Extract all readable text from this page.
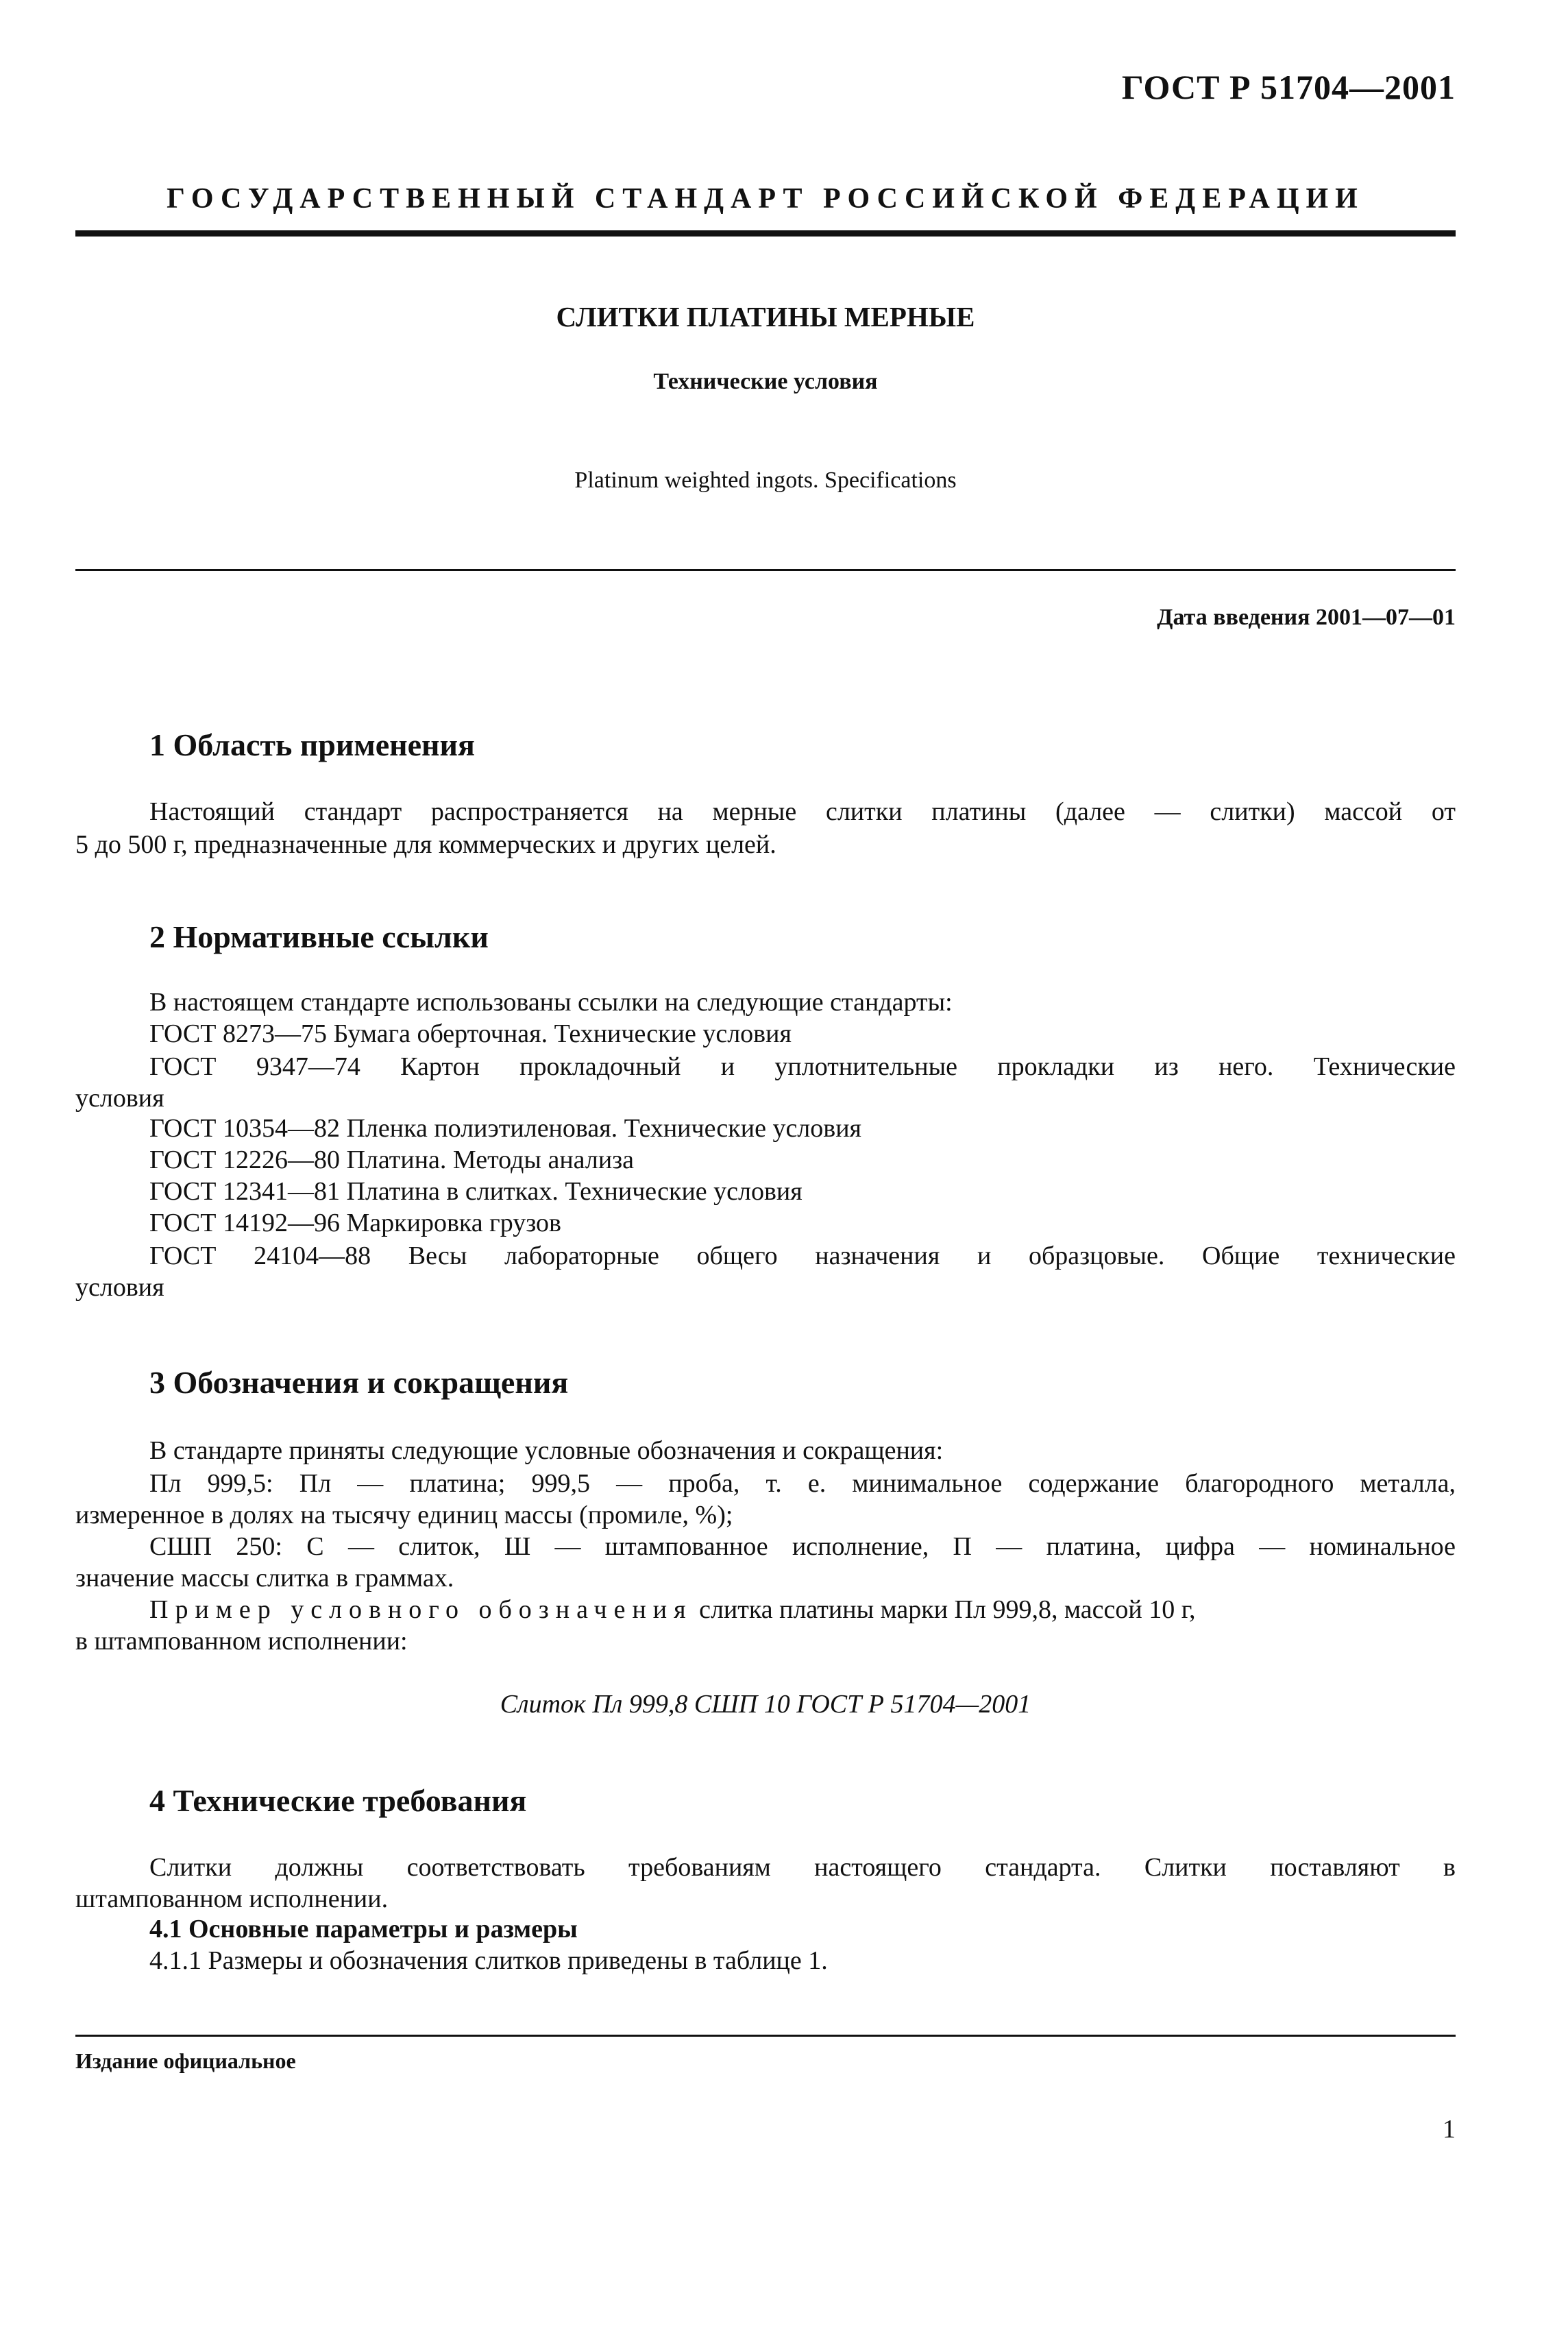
ГОСТ Р 51704—2001
ГОСУДАРСТВЕННЫЙ СТАНДАРТ РОССИЙСКОЙ ФЕДЕРАЦИИ
СЛИТКИ ПЛАТИНЫ МЕРНЫЕ
Технические условия
Platinum weighted ingots. Specifications
Дата введения 2001—07—01
1 Область применения
Настоящий стандарт распространяется на мерные слитки платины (далее — слитки) массой от
5 до 500 г, предназначенные для коммерческих и других целей.
2 Нормативные ссылки
В настоящем стандарте использованы ссылки на следующие стандарты:
ГОСТ 8273—75 Бумага оберточная. Технические условия
ГОСТ 9347—74 Картон прокладочный и уплотнительные прокладки из него. Технические
условия
ГОСТ 10354—82 Пленка полиэтиленовая. Технические условия
ГОСТ 12226—80 Платина. Методы анализа
ГОСТ 12341—81 Платина в слитках. Технические условия
ГОСТ 14192—96 Маркировка грузов
ГОСТ 24104—88 Весы лабораторные общего назначения и образцовые. Общие технические
условия
3 Обозначения и сокращения
В стандарте приняты следующие условные обозначения и сокращения:
Пл 999,5: Пл — платина; 999,5 — проба, т. е. минимальное содержание благородного металла,
измеренное в долях на тысячу единиц массы (промиле, %);
СШП 250: С — слиток, Ш — штампованное исполнение, П — платина, цифра — номинальное
значение массы слитка в граммах.
Пример условного обозначения слитка платины марки Пл 999,8, массой 10 г,
в штампованном исполнении:
Слиток Пл 999,8 СШП 10 ГОСТ Р 51704—2001
4 Технические требования
Слитки должны соответствовать требованиям настоящего стандарта. Слитки поставляют в
штампованном исполнении.
4.1 Основные параметры и размеры
4.1.1 Размеры и обозначения слитков приведены в таблице 1.
Издание официальное
1
